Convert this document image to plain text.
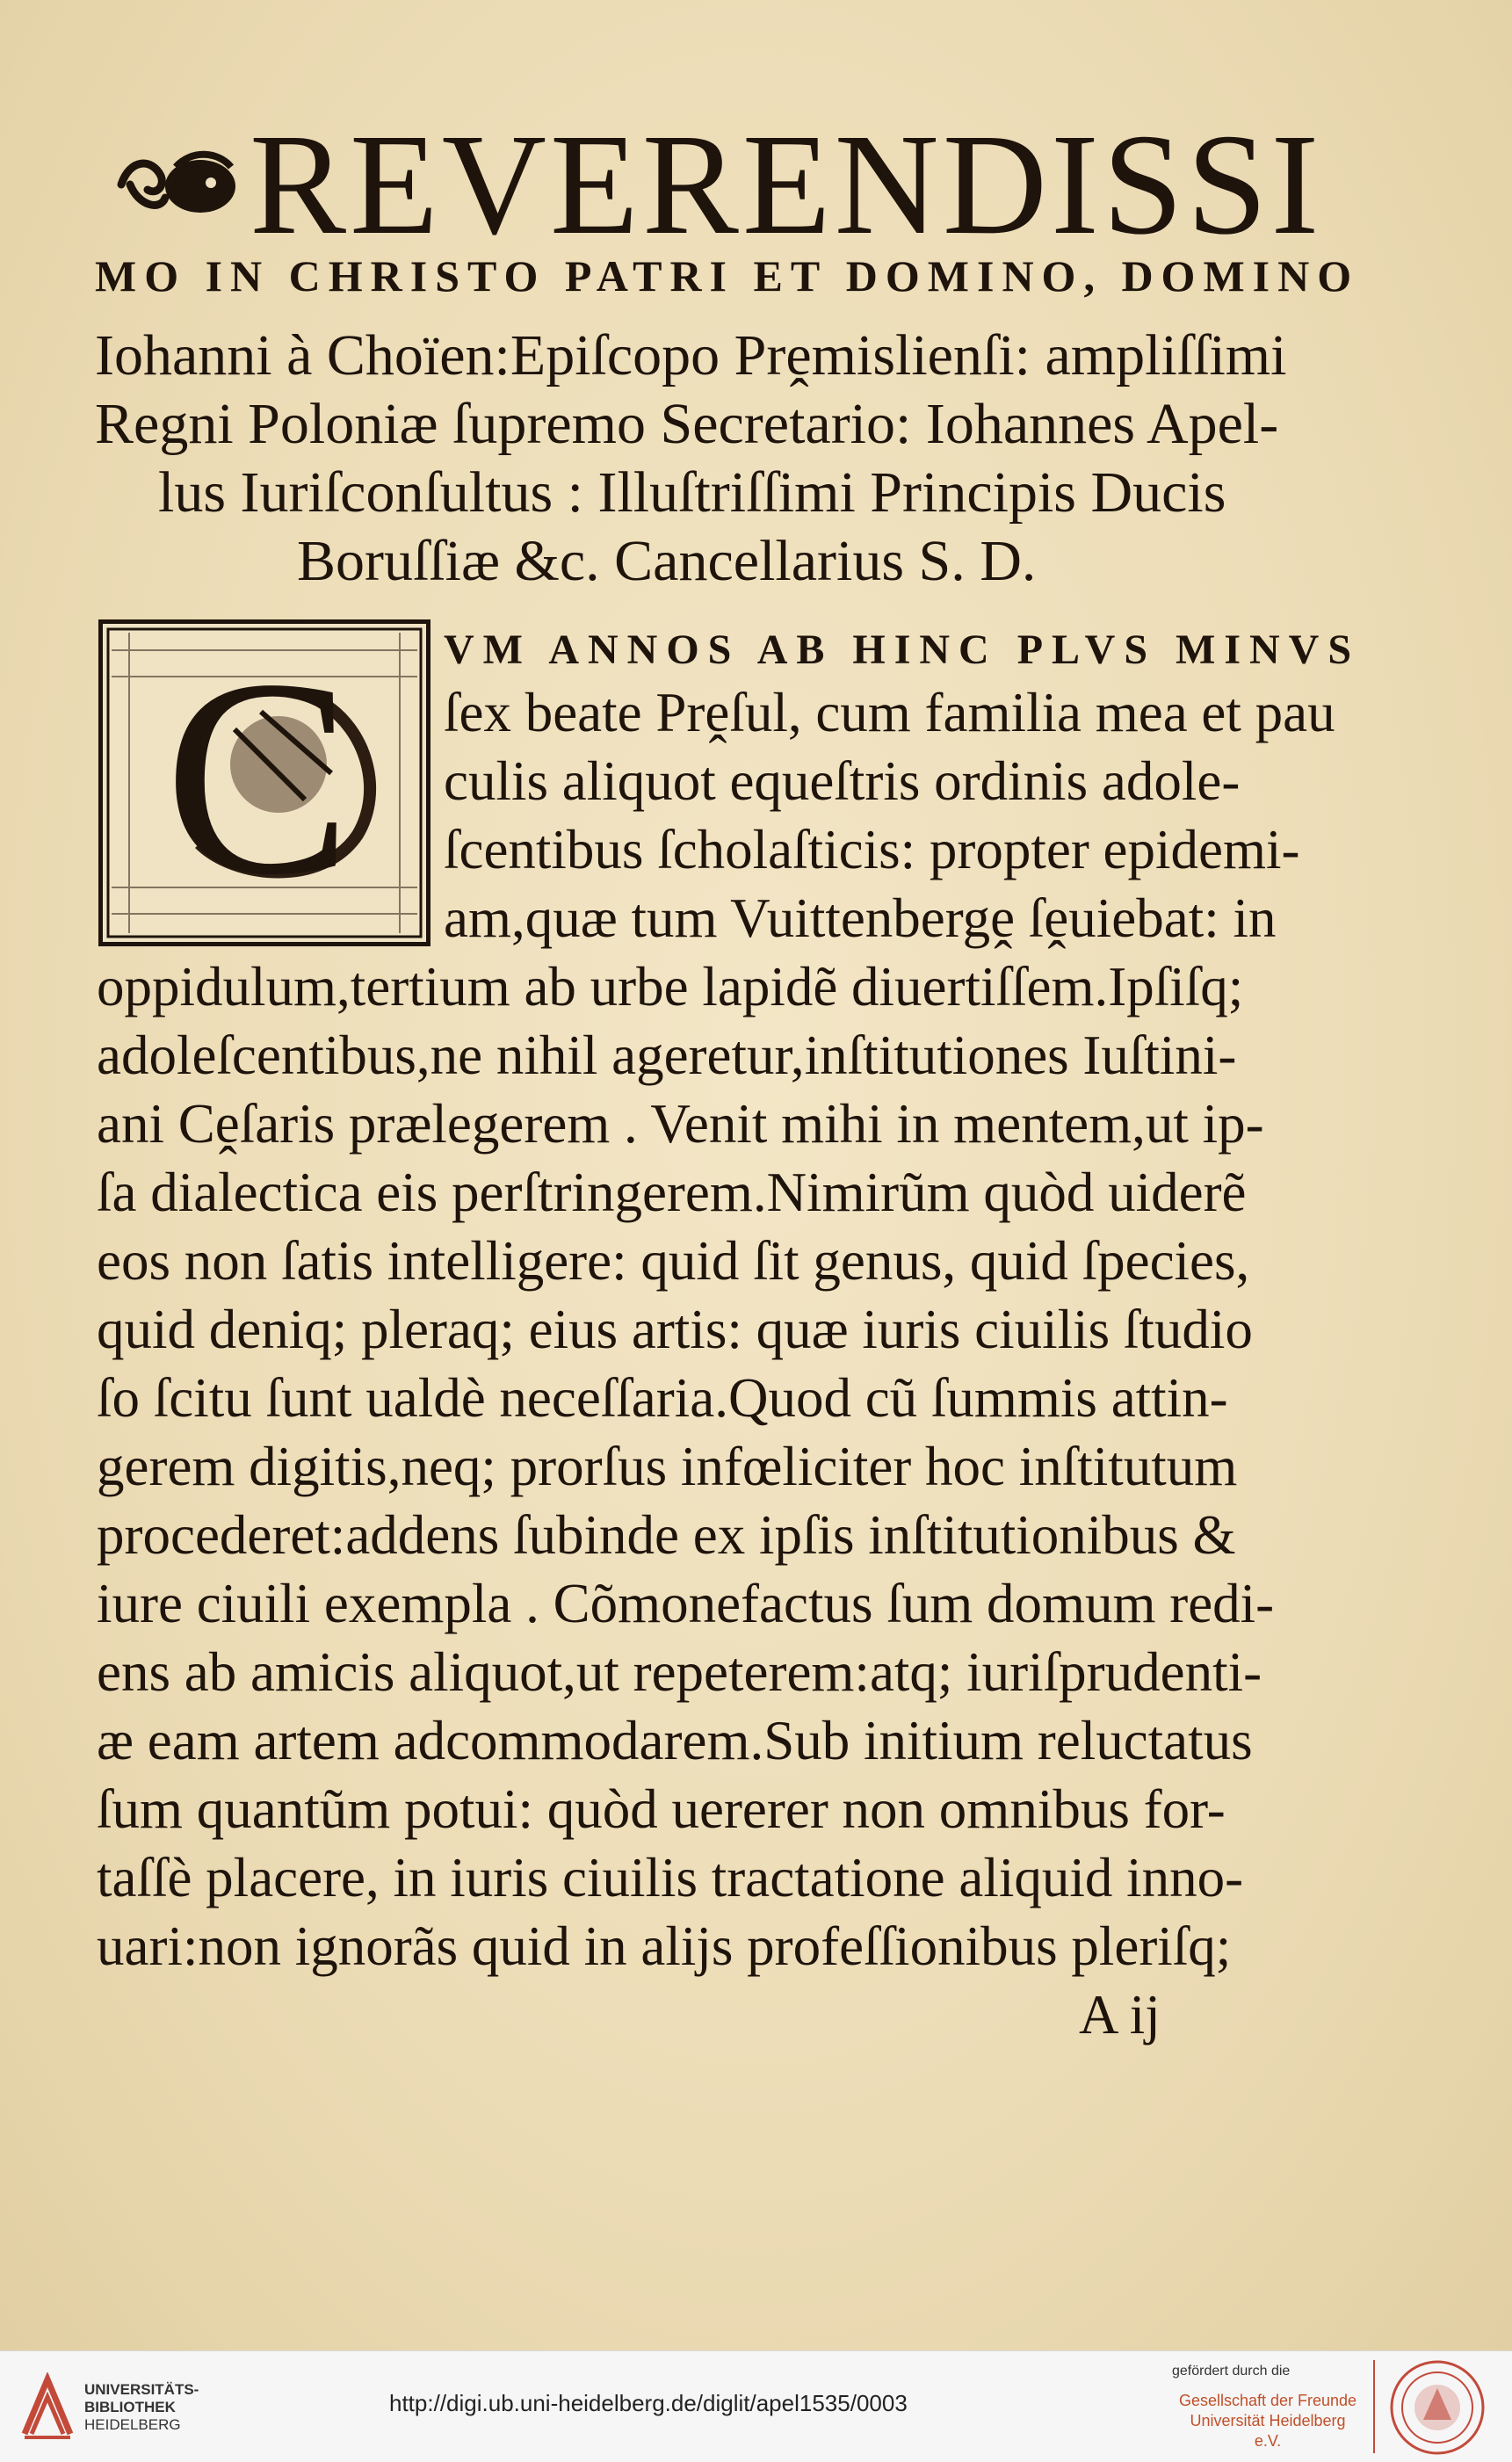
REVERENDISSI
MO IN CHRISTO PATRI ET DOMINO, DOMINO
Iohanni à Choïen:Epiſcopo Prḙmislienſi: ampliſſimi
Regni Poloniæ ſupremo Secretario: Iohannes Apel-
lus Iuriſconſultus : Illuſtriſſimi Principis Ducis
Boruſſiæ &c. Cancellarius S. D.
C VM ANNOS AB HINC PLVS MINVS
ſex beate Prḙſul, cum familia mea et pau
culis aliquot equeſtris ordinis adole-
ſcentibus ſcholaſticis: propter epidemi-
am,quæ tum Vuittenbergḙ ſḙuiebat: in
oppidulum,tertium ab urbe lapidẽ diuertiſſem.Ipſiſq;
adoleſcentibus,ne nihil ageretur,inſtitutiones Iuſtini-
ani Cḙſaris prælegerem . Venit mihi in mentem,ut ip-
ſa dialectica eis perſtringerem.Nimirũm quòd uiderẽ
eos non ſatis intelligere: quid ſit genus, quid ſpecies,
quid deniq; pleraq; eius artis: quæ iuris ciuilis ſtudio
ſo ſcitu ſunt ualdè neceſſaria.Quod cũ ſummis attin-
gerem digitis,neq; prorſus infœliciter hoc inſtitutum
procederet:addens ſubinde ex ipſis inſtitutionibus &
iure ciuili exempla . Cõmonefactus ſum domum redi-
ens ab amicis aliquot,ut repeterem:atq; iuriſprudenti-
æ eam artem adcommodarem.Sub initium reluctatus
ſum quantũm potui: quòd uererer non omnibus for-
taſſè placere, in iuris ciuilis tractatione aliquid inno-
uari:non ignorãs quid in alijs profeſſionibus pleriſq;
A ij
UNIVERSITÄTS-
BIBLIOTHEK
HEIDELBERG
http://digi.ub.uni-heidelberg.de/diglit/apel1535/0003
gefördert durch die
Gesellschaft der Freunde
Universität Heidelberg e.V.
